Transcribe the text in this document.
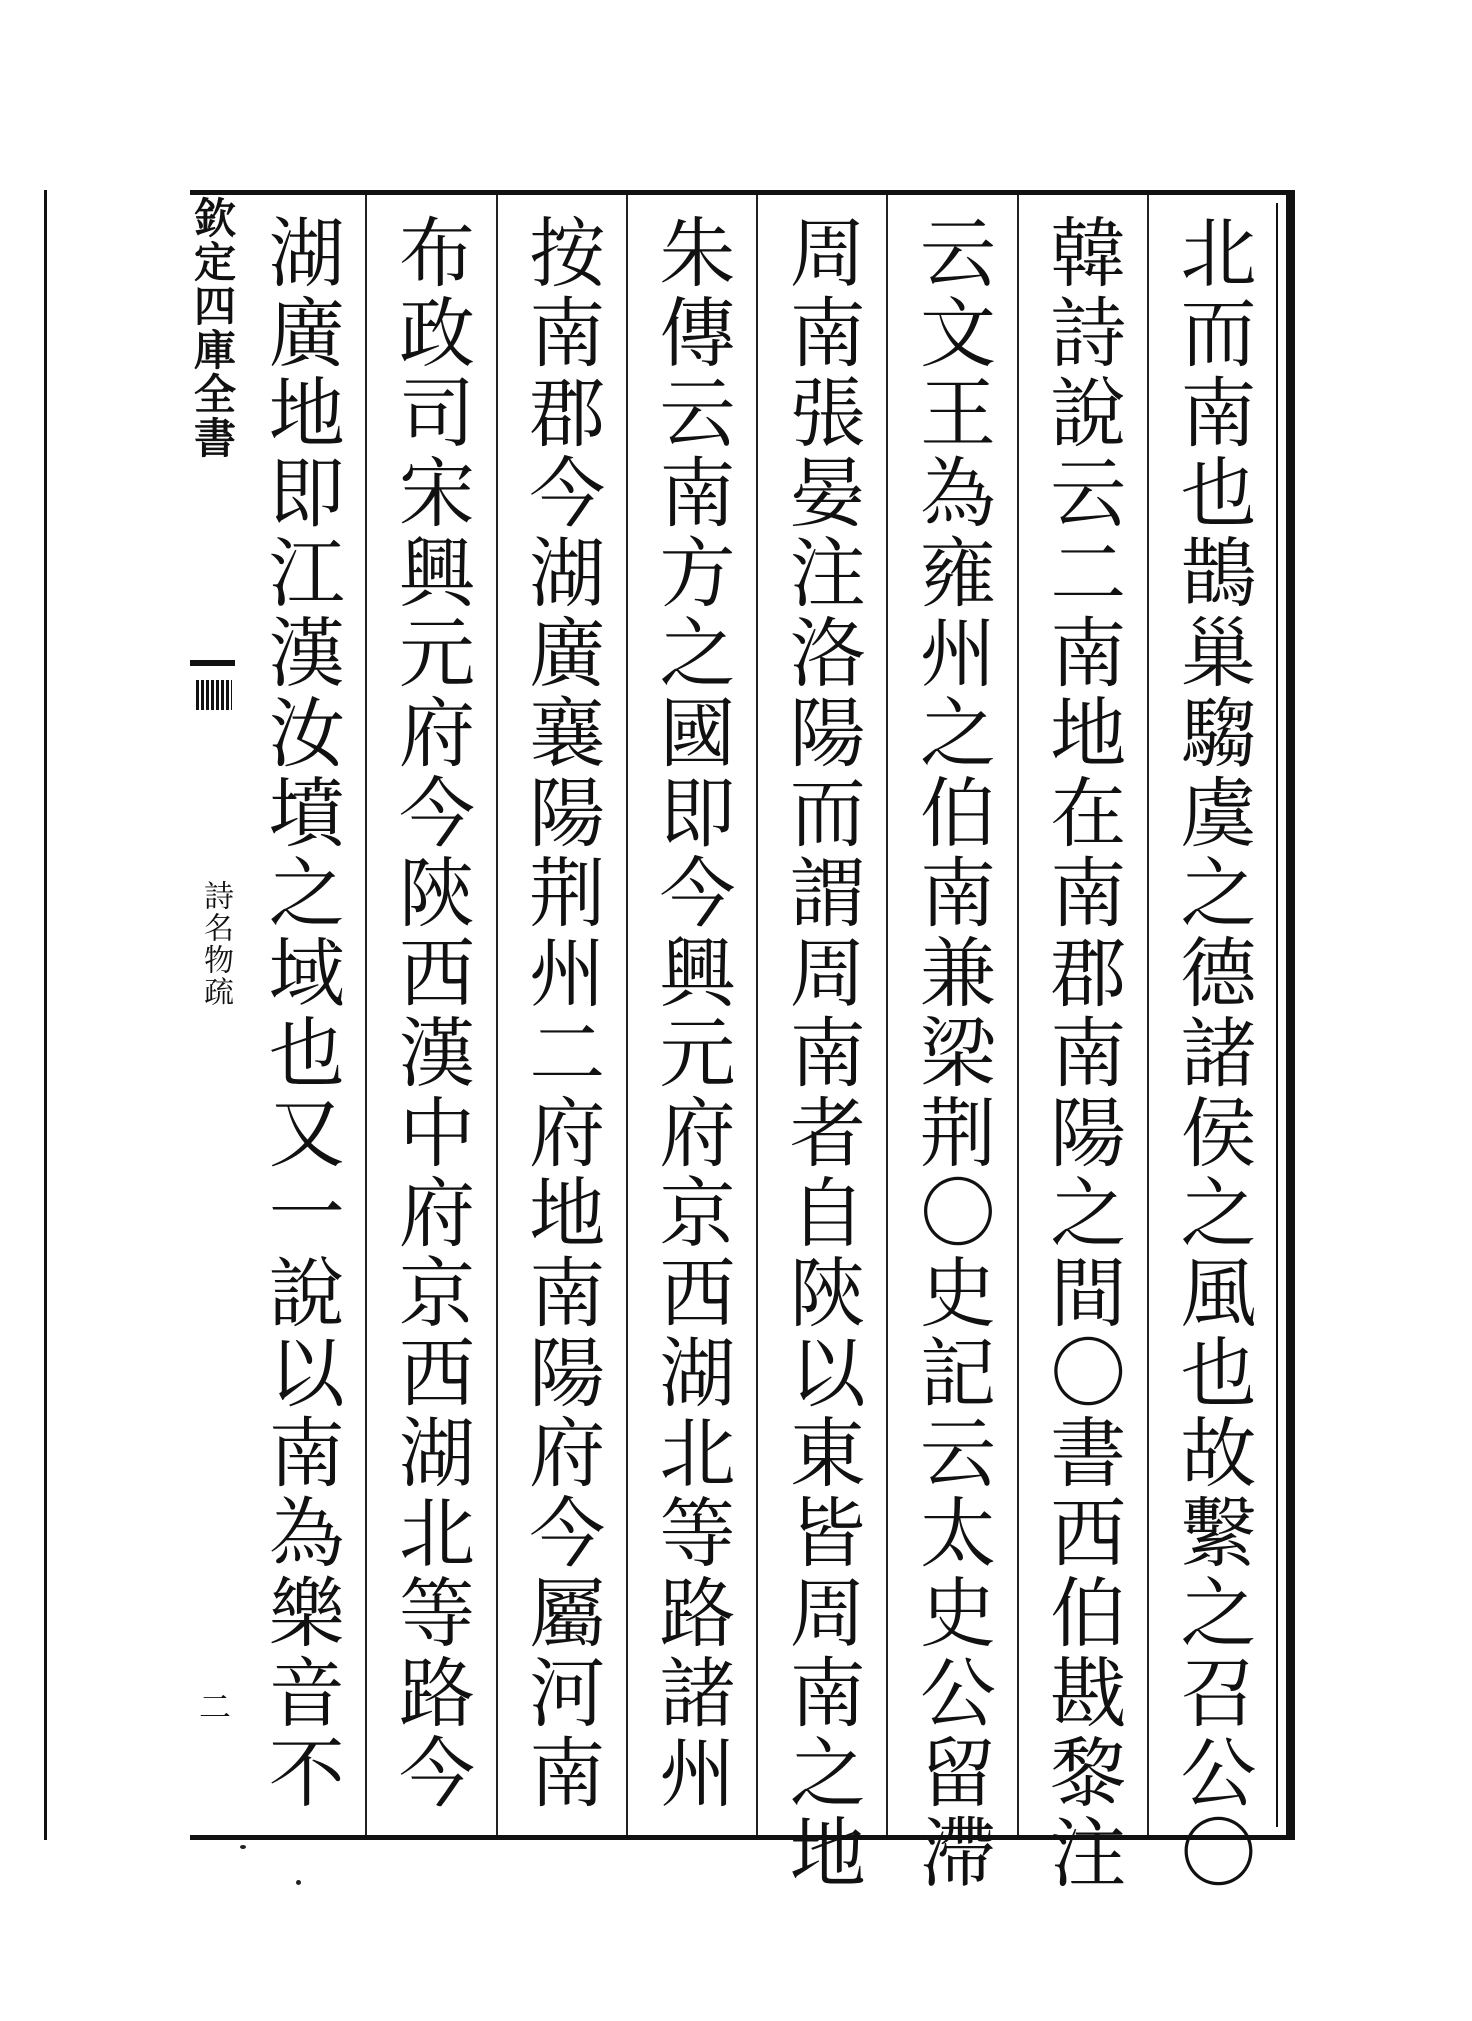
欽定四庫全書
詩名物疏
二	北而南也鵲巢騶虞之德諸侯之風也故繫之召公〇
韓詩說云二南地在南郡南陽之間〇書西伯戡黎注
云文王為雍州之伯南兼梁荆〇史記云太史公留滯
周南張晏注洛陽而謂周南者自陝以東皆周南之地
朱傳云南方之國即今興元府京西湖北等路諸州
按南郡今湖廣襄陽荆州二府地南陽府今屬河南
布政司宋興元府今陝西漢中府京西湖北等路今
湖廣地即江漢汝墳之域也又一說以南為樂音不
